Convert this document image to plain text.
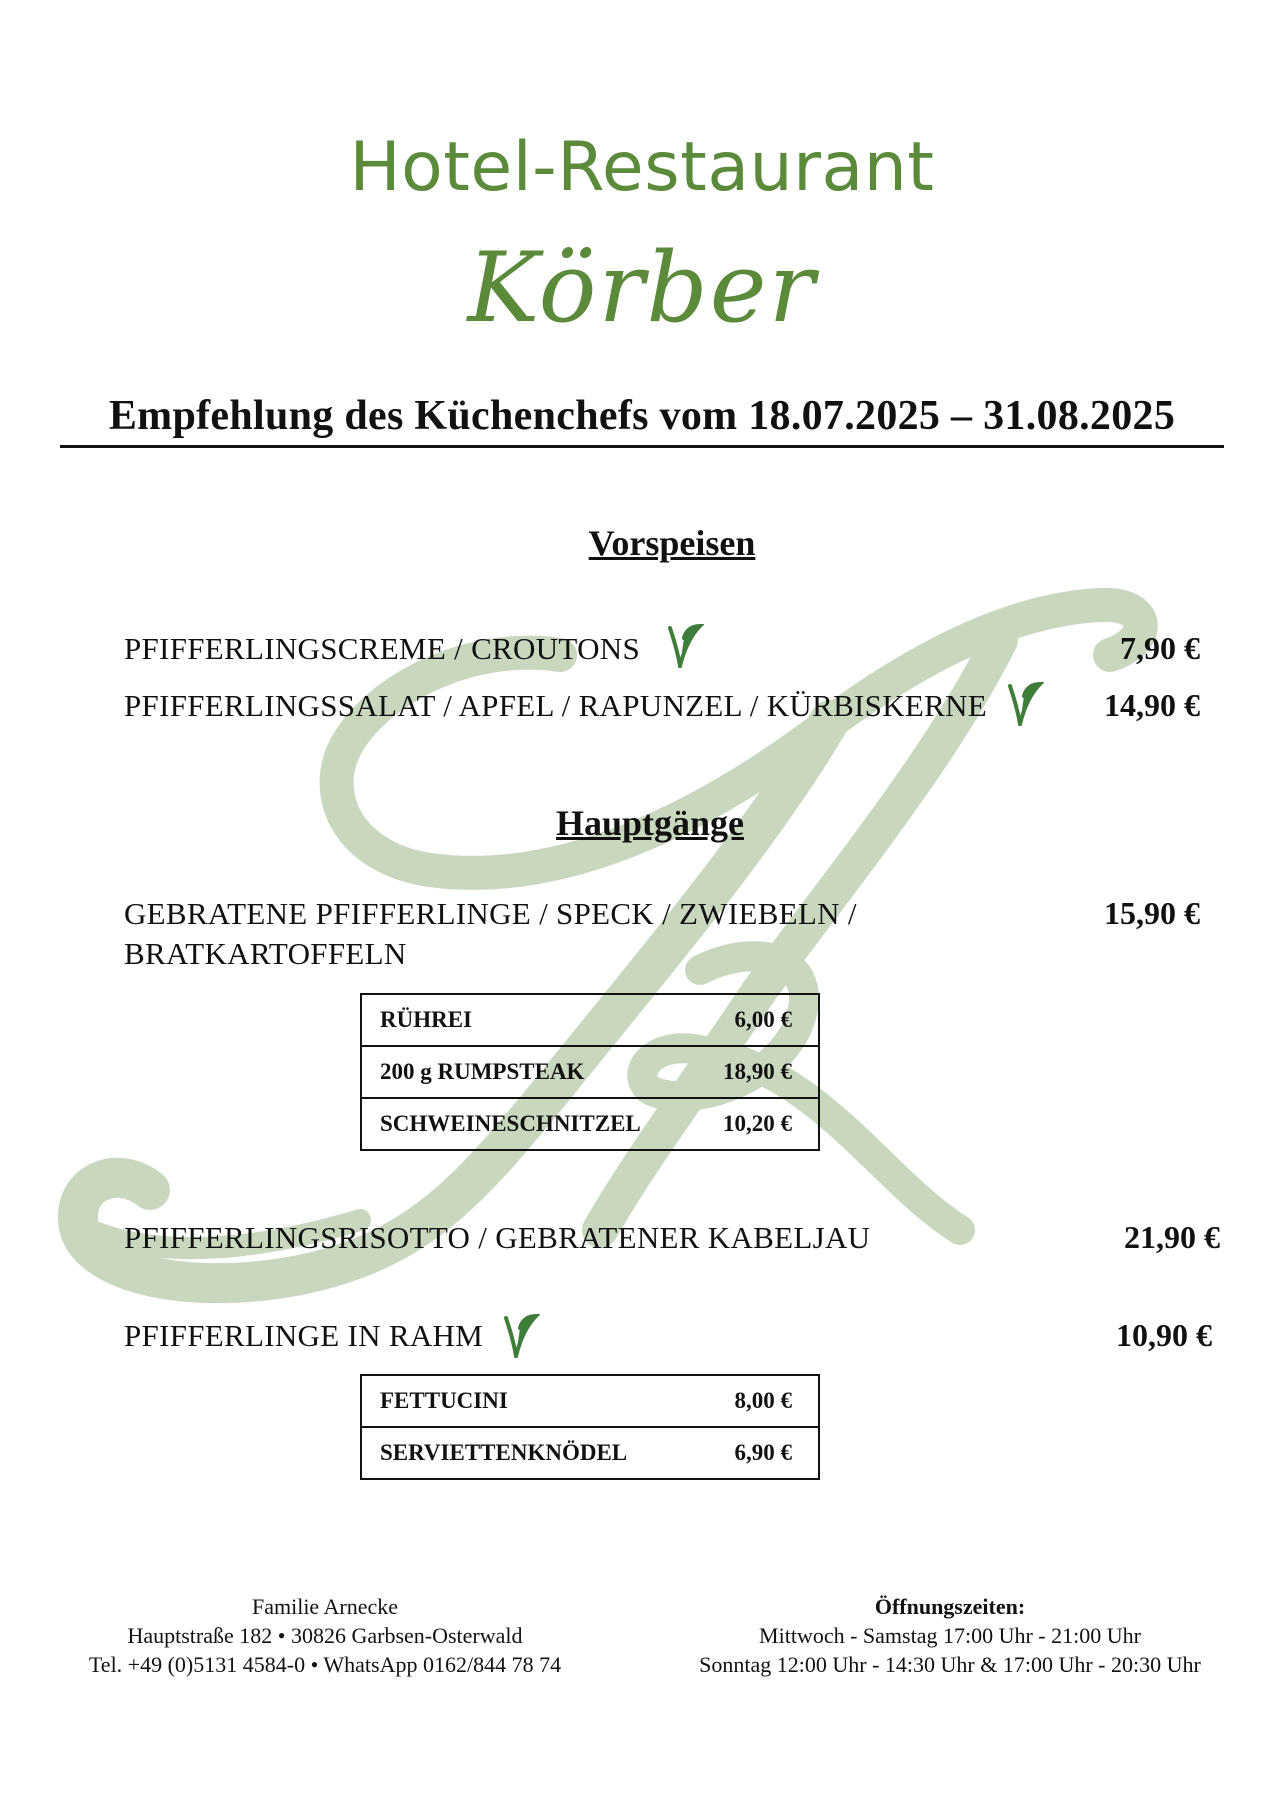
Hotel-Restaurant
Körber
Empfehlung des Küchenchefs vom 18.07.2025 – 31.08.2025
Vorspeisen
PFIFFERLINGSCREME / CROUTONS	7,90 €
PFIFFERLINGSSALAT / APFEL / RAPUNZEL / KÜRBISKERNE	14,90 €
Hauptgänge
GEBRATENE PFIFFERLINGE / SPECK / ZWIEBELN /
BRATKARTOFFELN
15,90 €
RÜHREI	6,00 €

200 g RUMPSTEAK	18,90 €

SCHWEINESCHNITZEL	10,20 €
PFIFFERLINGSRISOTTO / GEBRATENER KABELJAU	21,90 €
PFIFFERLINGE IN RAHM	10,90 €
FETTUCINI	8,00 €

SERVIETTENKNÖDEL	6,90 €
Familie Arnecke
Hauptstraße 182 • 30826 Garbsen-Osterwald
Tel. +49 (0)5131 4584-0 • WhatsApp 0162/844 78 74
Öffnungszeiten:
Mittwoch - Samstag 17:00 Uhr - 21:00 Uhr
Sonntag 12:00 Uhr - 14:30 Uhr & 17:00 Uhr - 20:30 Uhr
